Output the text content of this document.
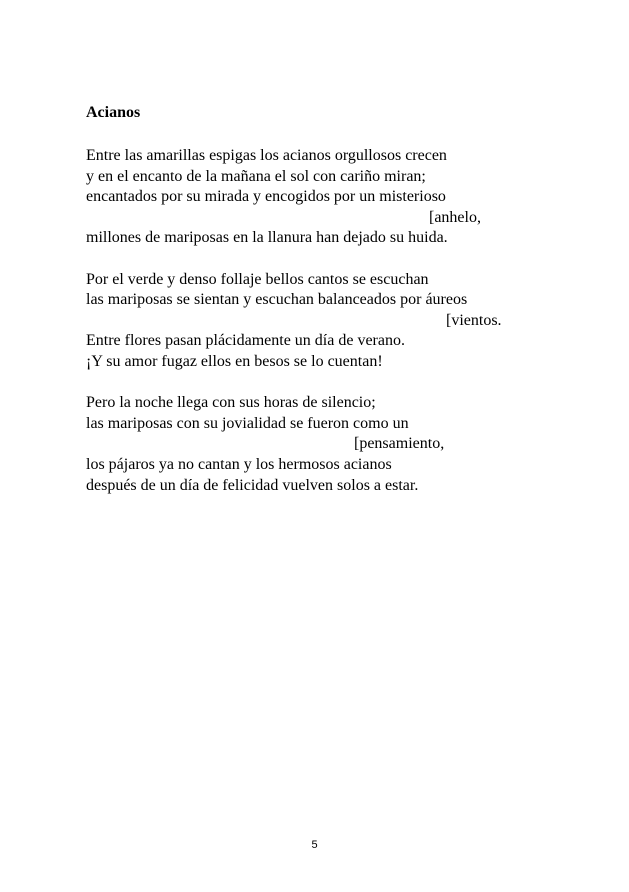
Acianos
Entre las amarillas espigas los acianos orgullosos crecen
y en el encanto de la mañana el sol con cariño miran;
encantados por su mirada y encogidos por un misterioso
[anhelo,
millones de mariposas en la llanura han dejado su huida.
Por el verde y denso follaje bellos cantos se escuchan
las mariposas se sientan y escuchan balanceados por áureos
[vientos.
Entre flores pasan plácidamente un día de verano.
¡Y su amor fugaz ellos en besos se lo cuentan!
Pero la noche llega con sus horas de silencio;
las mariposas con su jovialidad se fueron como un
[pensamiento,
los pájaros ya no cantan y los hermosos acianos
después de un día de felicidad vuelven solos a estar.
5
